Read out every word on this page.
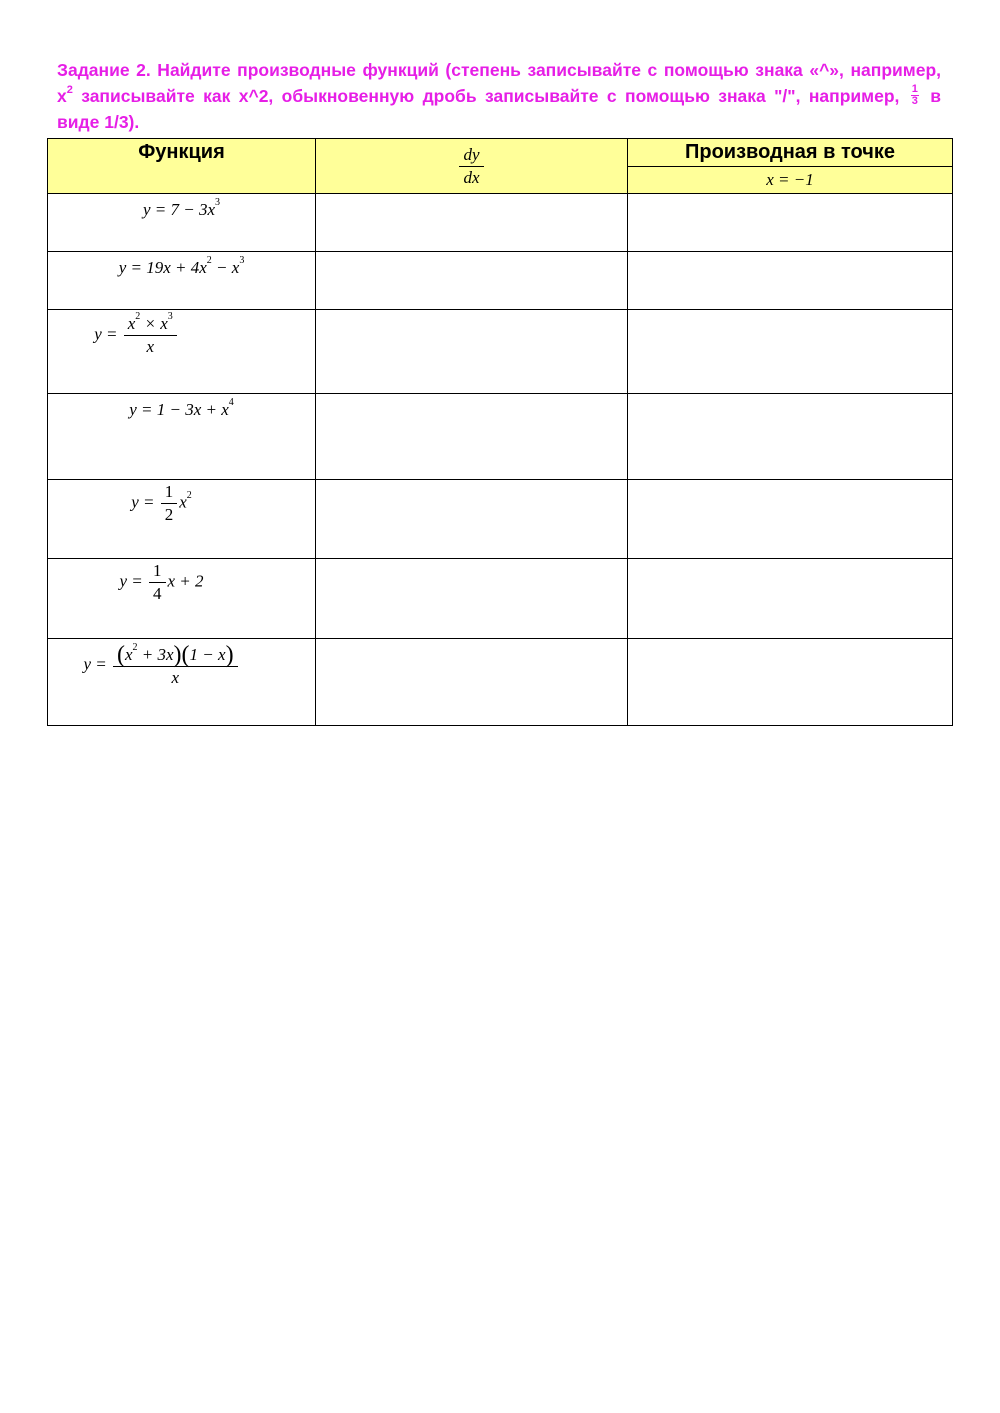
Задание 2. Найдите производные функций (степень записывайте с помощью знака «^», например, $x^2$ записывайте как x^2, обыкновенную дробь записывайте с помощью знака "/", например, $\frac{1}{3}$ в виде 1/3).
Функция	$\frac{dy}{dx}$	Производная в точке
		x = −1

$y = 7 - 3x^3$

$y = 19x + 4x^2 - x^3$

$y = \frac{x^2 \times x^3}{x}$

$y = 1 - 3x + x^4$

$y = \frac{1}{2} x^2$

$y = \frac{1}{4}$ x + 2		

$y = \frac{(x^2 + 3x)(1 - x)}{x}$
